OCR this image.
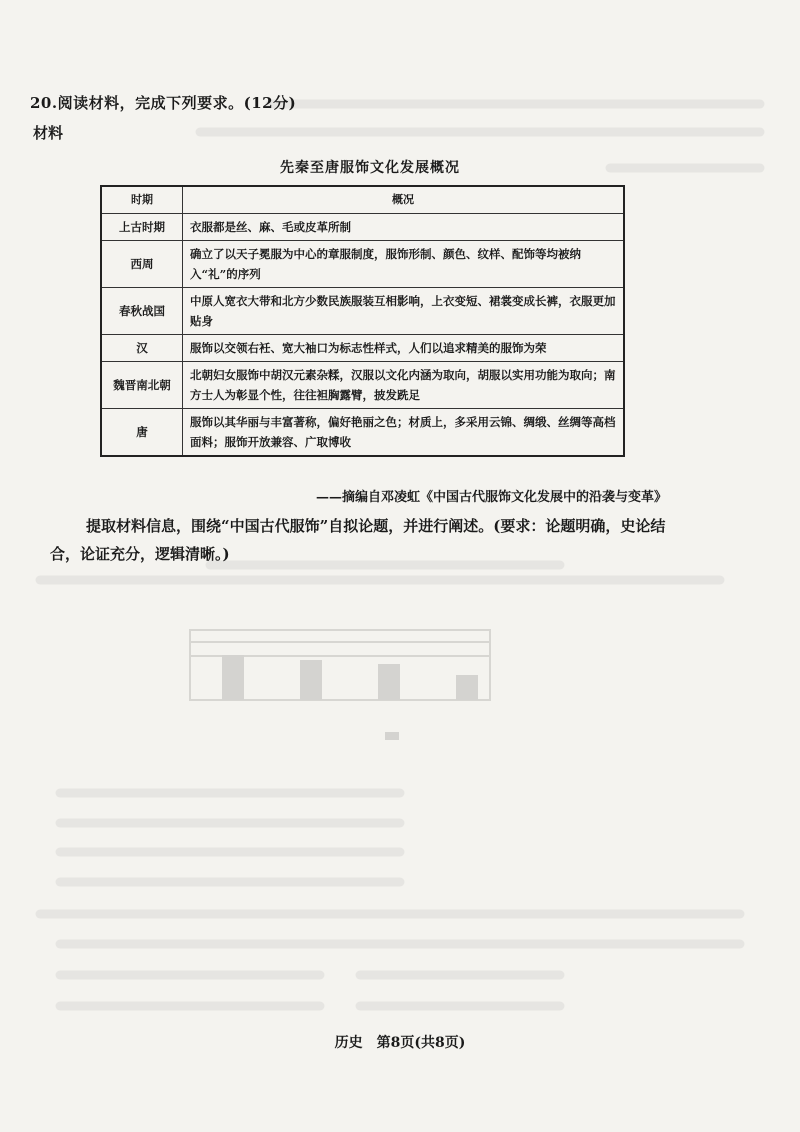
20.阅读材料，完成下列要求。(12分)
材料
先秦至唐服饰文化发展概况
时期	概况
上古时期	衣服都是丝、麻、毛或皮革所制
西周	确立了以天子冕服为中心的章服制度，服饰形制、颜色、纹样、配饰等均被纳入“礼”的序列
春秋战国	中原人宽衣大带和北方少数民族服装互相影响，上衣变短、裙裳变成长裤，衣服更加贴身
汉	服饰以交领右衽、宽大袖口为标志性样式，人们以追求精美的服饰为荣
魏晋南北朝	北朝妇女服饰中胡汉元素杂糅，汉服以文化内涵为取向，胡服以实用功能为取向；南方士人为彰显个性，往往袒胸露臂，披发跣足
唐	服饰以其华丽与丰富著称，偏好艳丽之色；材质上，多采用云锦、绸缎、丝绸等高档面料；服饰开放兼容、广取博收
——摘编自邓凌虹《中国古代服饰文化发展中的沿袭与变革》
提取材料信息，围绕“中国古代服饰”自拟论题，并进行阐述。(要求：论题明确，史论结合，论证充分，逻辑清晰。)
历史　第8页(共8页)
